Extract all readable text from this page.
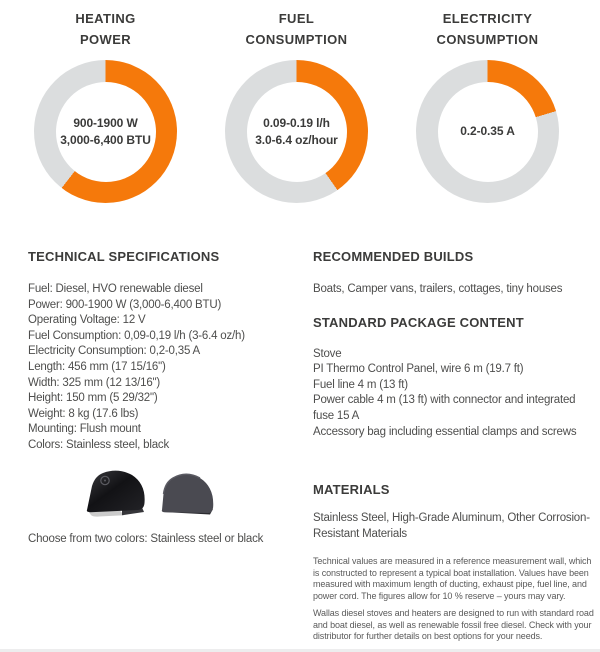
HEATING
POWER
900-1900 W
3,000-6,400 BTU
FUEL
CONSUMPTION
0.09-0.19 l/h
3.0-6.4 oz/hour
ELECTRICITY
CONSUMPTION
0.2-0.35 A
TECHNICAL SPECIFICATIONS
Fuel: Diesel, HVO renewable diesel
Power: 900-1900 W (3,000-6,400 BTU)
Operating Voltage: 12 V
Fuel Consumption: 0,09-0,19 l/h (3-6.4 oz/h)
Electricity Consumption: 0,2-0,35 A
Length: 456 mm (17 15/16")
Width: 325 mm (12 13/16")
Height: 150 mm (5 29/32")
Weight: 8 kg (17.6 lbs)
Mounting: Flush mount
Colors: Stainless steel, black
Choose from two colors: Stainless steel or black
RECOMMENDED BUILDS
Boats, Camper vans, trailers, cottages, tiny houses
STANDARD PACKAGE CONTENT
Stove
PI Thermo Control Panel, wire 6 m (19.7 ft)
Fuel line 4 m (13 ft)
Power cable 4 m (13 ft) with connector and integrated fuse 15 A
Accessory bag including essential clamps and screws
MATERIALS
Stainless Steel, High-Grade Aluminum, Other Corrosion-Resistant Materials
Technical values are measured in a reference measurement wall, which is constructed to represent a typical boat installation. Values have been measured with maximum length of ducting, exhaust pipe, fuel line, and power cord. The figures allow for 10 % reserve – yours may vary.
Wallas diesel stoves and heaters are designed to run with standard road and boat diesel, as well as renewable fossil free diesel. Check with your distributor for further details on best options for your needs.
